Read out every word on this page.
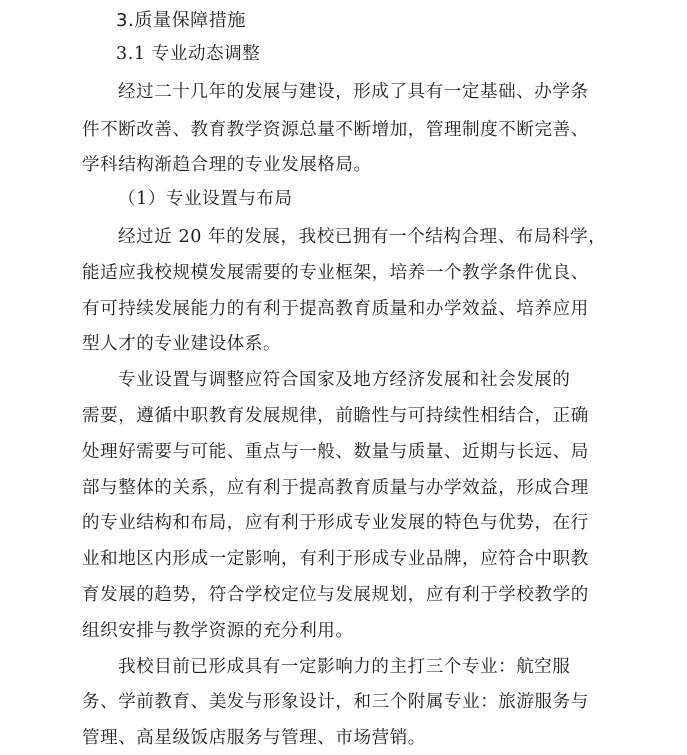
3.质量保障措施
3.1 专业动态调整
经过二十几年的发展与建设，形成了具有一定基础、办学条
件不断改善、教育教学资源总量不断增加，管理制度不断完善、
学科结构渐趋合理的专业发展格局。
（1）专业设置与布局
经过近 20 年的发展，我校已拥有一个结构合理、布局科学，
能适应我校规模发展需要的专业框架，培养一个教学条件优良、
有可持续发展能力的有利于提高教育质量和办学效益、培养应用
型人才的专业建设体系。
专业设置与调整应符合国家及地方经济发展和社会发展的
需要，遵循中职教育发展规律，前瞻性与可持续性相结合，正确
处理好需要与可能、重点与一般、数量与质量、近期与长远、局
部与整体的关系，应有利于提高教育质量与办学效益，形成合理
的专业结构和布局，应有利于形成专业发展的特色与优势，在行
业和地区内形成一定影响，有利于形成专业品牌，应符合中职教
育发展的趋势，符合学校定位与发展规划，应有利于学校教学的
组织安排与教学资源的充分利用。
我校目前已形成具有一定影响力的主打三个专业：航空服
务、学前教育、美发与形象设计，和三个附属专业：旅游服务与
管理、高星级饭店服务与管理、市场营销。
